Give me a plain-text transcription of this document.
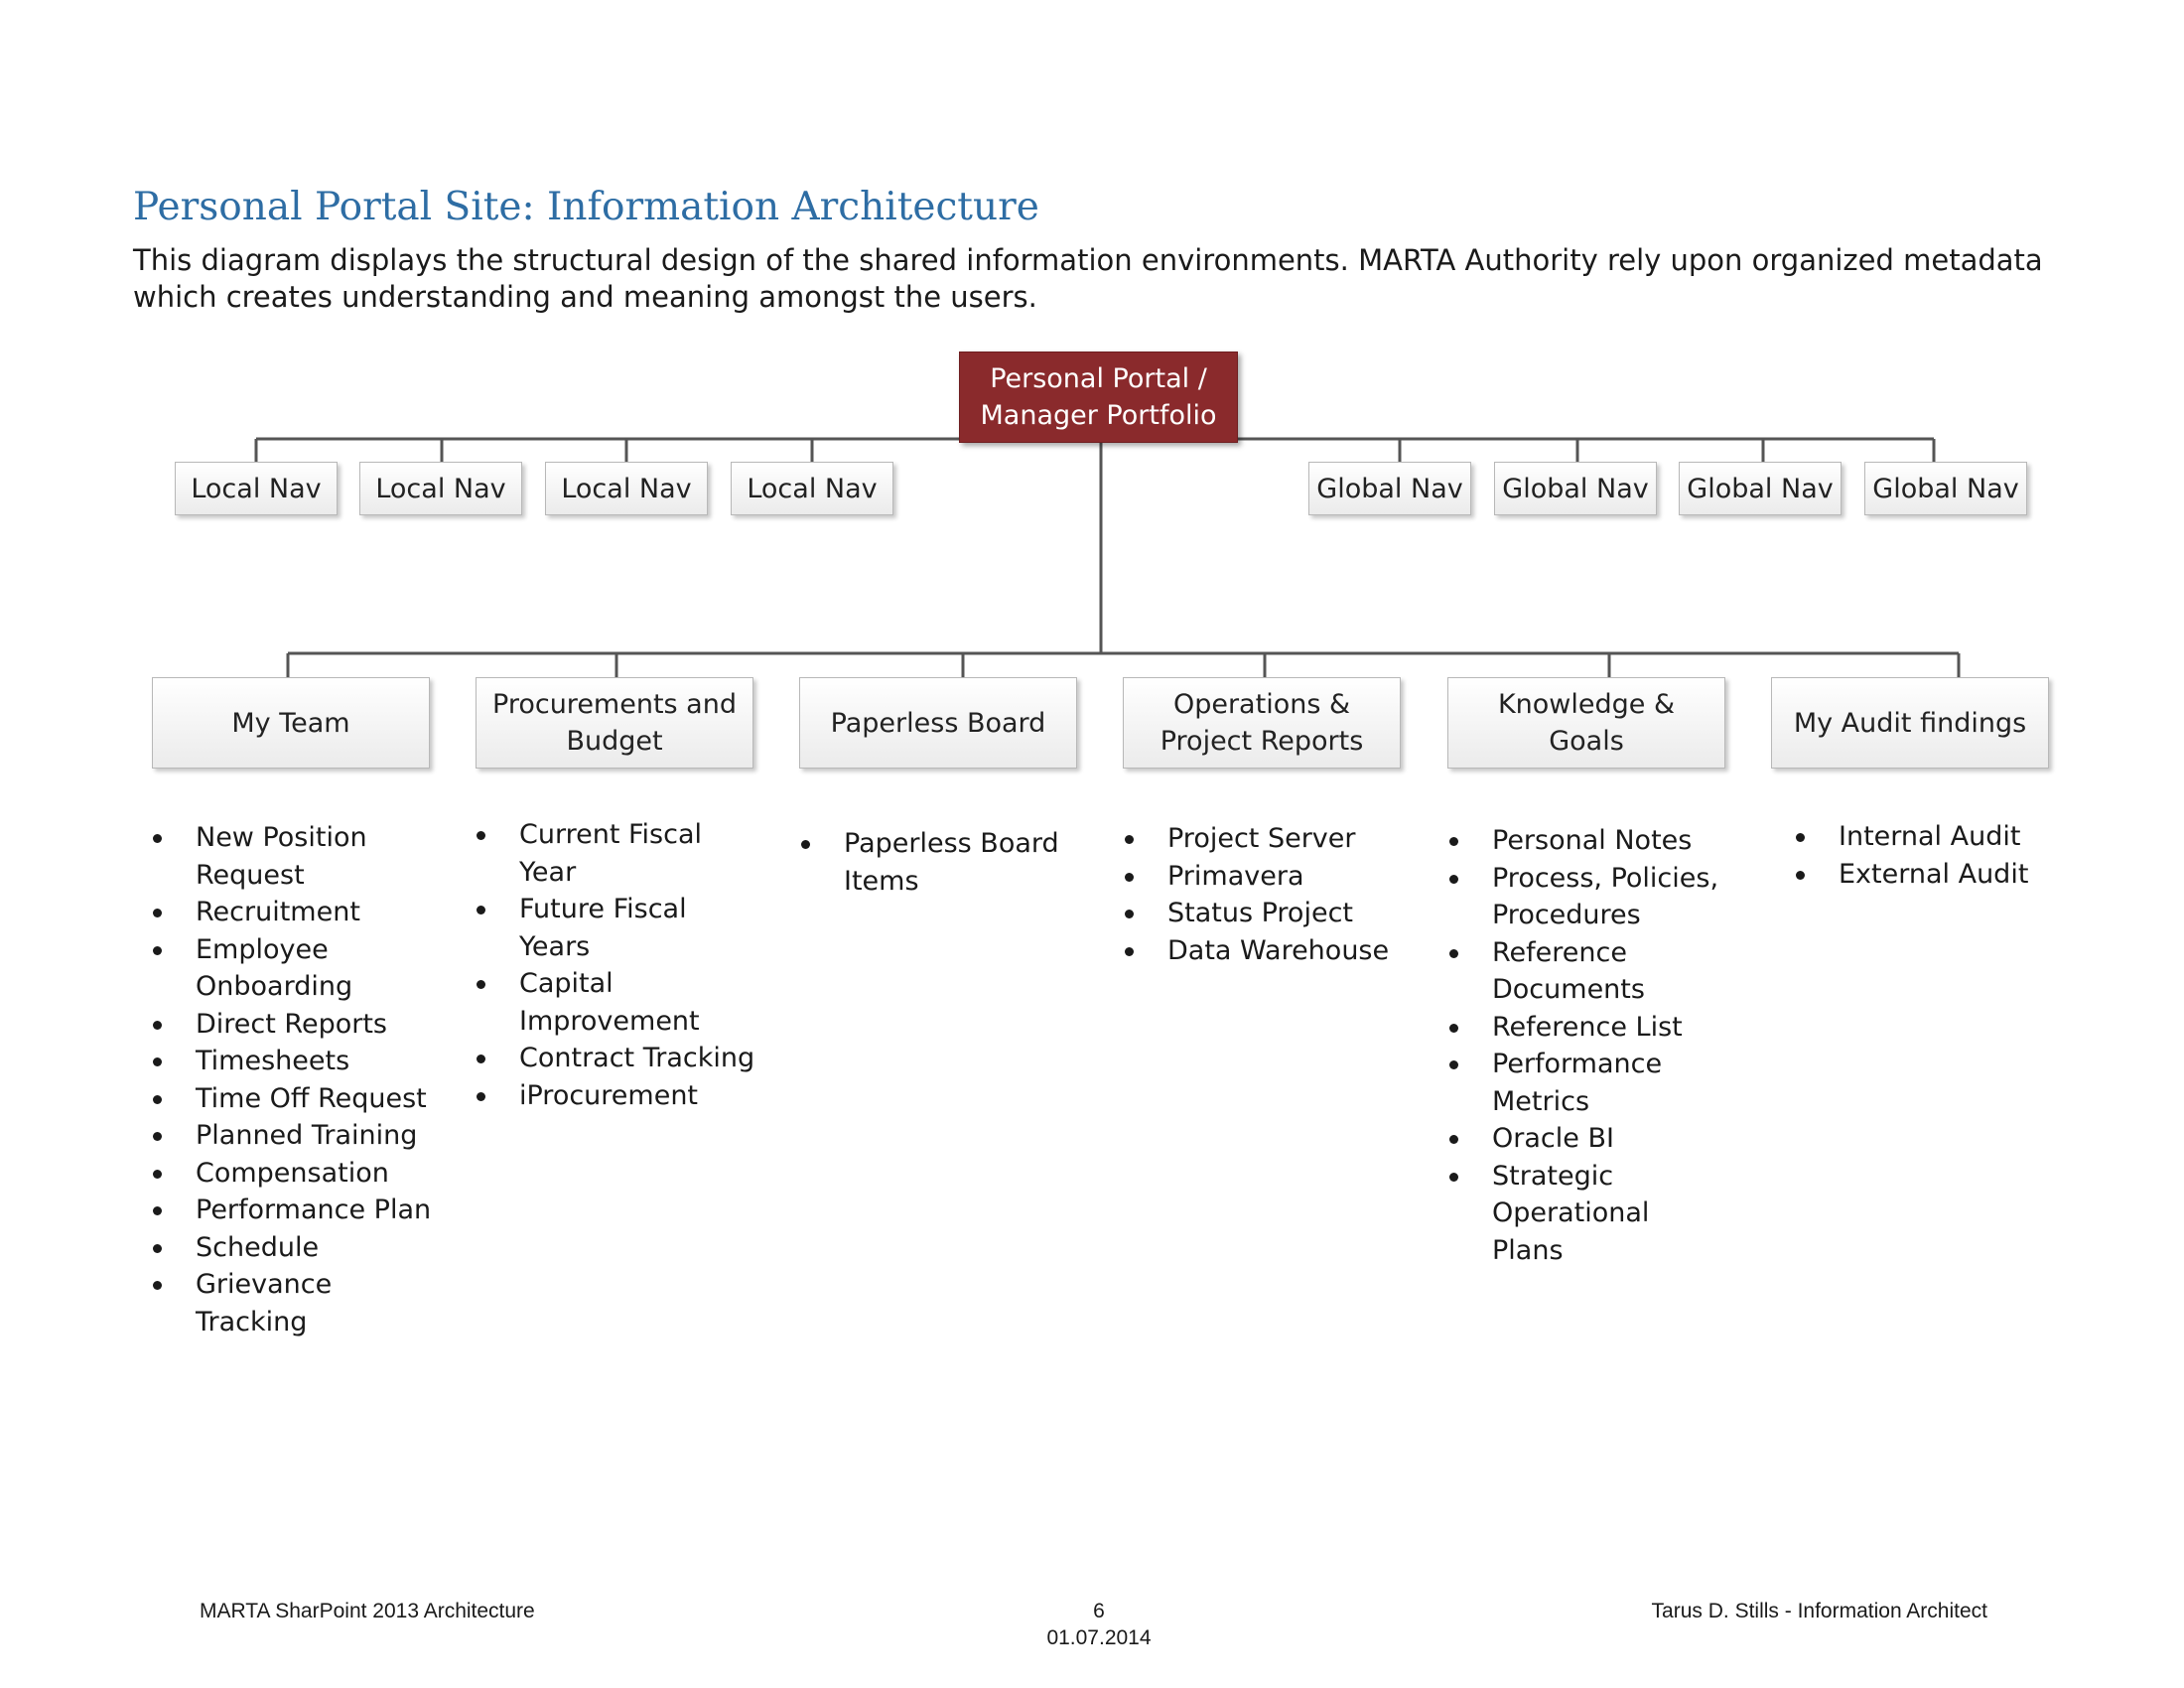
Personal Portal Site: Information Architecture
This diagram displays the structural design of the shared information environments. MARTA Authority rely upon organized metadata which creates understanding and meaning amongst the users.
Personal Portal / Manager Portfolio
Local Nav	Local Nav	Local Nav	Local Nav	Global Nav	Global Nav	Global Nav	Global Nav
My Team
Procurements and Budget
Paperless Board
Operations & Project Reports
Knowledge & Goals
My Audit findings
New Position Request
Recruitment
Employee Onboarding
Direct Reports
Timesheets
Time Off Request
Planned Training
Compensation
Performance Plan
Schedule
Grievance Tracking
Current Fiscal Year
Future Fiscal Years
Capital Improvement
Contract Tracking
iProcurement
Paperless Board Items
Project Server
Primavera
Status Project
Data Warehouse
Personal Notes
Process, Policies, Procedures
Reference Documents
Reference List
Performance Metrics
Oracle BI
Strategic Operational Plans
Internal Audit
External Audit
MARTA SharPoint 2013 Architecture	6
01.07.2014
Tarus D. Stills - Information Architect
